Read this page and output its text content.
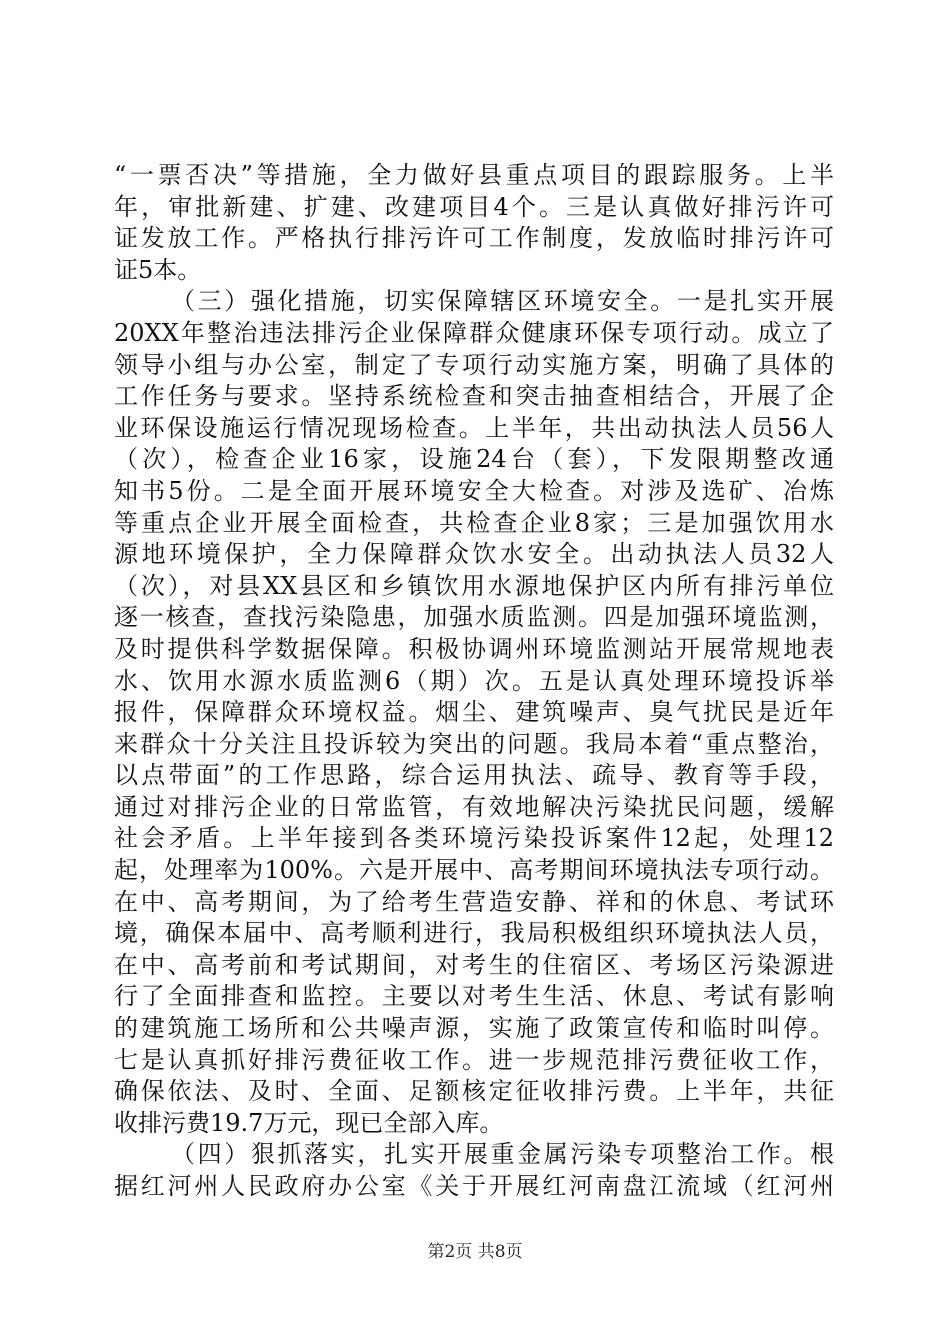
“一票否决”等措施，全力做好县重点项目的跟踪服务。上半
年，审批新建、扩建、改建项目4个。三是认真做好排污许可
证发放工作。严格执行排污许可工作制度，发放临时排污许可
证5本。
（三）强化措施，切实保障辖区环境安全。一是扎实开展
20XX年整治违法排污企业保障群众健康环保专项行动。成立了
领导小组与办公室，制定了专项行动实施方案，明确了具体的
工作任务与要求。坚持系统检查和突击抽查相结合，开展了企
业环保设施运行情况现场检查。上半年，共出动执法人员56人
（次），检查企业16家，设施24台（套），下发限期整改通
知书5份。二是全面开展环境安全大检查。对涉及选矿、冶炼
等重点企业开展全面检查，共检查企业8家；三是加强饮用水
源地环境保护，全力保障群众饮水安全。出动执法人员32人
（次），对县XX县区和乡镇饮用水源地保护区内所有排污单位
逐一核查，查找污染隐患，加强水质监测。四是加强环境监测，
及时提供科学数据保障。积极协调州环境监测站开展常规地表
水、饮用水源水质监测6（期）次。五是认真处理环境投诉举
报件，保障群众环境权益。烟尘、建筑噪声、臭气扰民是近年
来群众十分关注且投诉较为突出的问题。我局本着“重点整治，
以点带面”的工作思路，综合运用执法、疏导、教育等手段，
通过对排污企业的日常监管，有效地解决污染扰民问题，缓解
社会矛盾。上半年接到各类环境污染投诉案件12起，处理12
起，处理率为100%。六是开展中、高考期间环境执法专项行动。
在中、高考期间，为了给考生营造安静、祥和的休息、考试环
境，确保本届中、高考顺利进行，我局积极组织环境执法人员，
在中、高考前和考试期间，对考生的住宿区、考场区污染源进
行了全面排查和监控。主要以对考生生活、休息、考试有影响
的建筑施工场所和公共噪声源，实施了政策宣传和临时叫停。
七是认真抓好排污费征收工作。进一步规范排污费征收工作，
确保依法、及时、全面、足额核定征收排污费。上半年，共征
收排污费19.7万元，现已全部入库。
（四）狠抓落实，扎实开展重金属污染专项整治工作。根
据红河州人民政府办公室《关于开展红河南盘江流域（红河州
第2页 共8页
